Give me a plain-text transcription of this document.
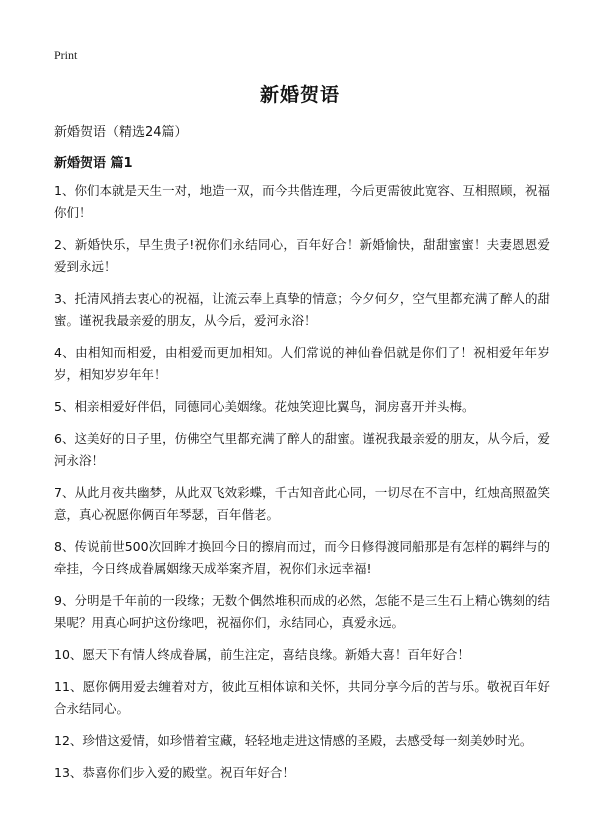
Print
新婚贺语

新婚贺语（精选24篇）

新婚贺语 篇1

1、你们本就是天生一对，地造一双，而今共偕连理，今后更需彼此宽容、互相照顾，祝福你们！

2、新婚快乐，早生贵子!祝你们永结同心，百年好合！新婚愉快，甜甜蜜蜜！夫妻恩恩爱爱到永远！

3、托清风捎去衷心的祝福，让流云奉上真挚的情意；今夕何夕，空气里都充满了醉人的甜蜜。谨祝我最亲爱的朋友，从今后，爱河永浴！

4、由相知而相爱，由相爱而更加相知。人们常说的神仙眷侣就是你们了！祝相爱年年岁岁，相知岁岁年年！

5、相亲相爱好伴侣，同德同心美姻缘。花烛笑迎比翼鸟，洞房喜开并头梅。

6、这美好的日子里，仿佛空气里都充满了醉人的甜蜜。谨祝我最亲爱的朋友，从今后，爱河永浴！

7、从此月夜共幽梦，从此双飞效彩蝶，千古知音此心同，一切尽在不言中，红烛高照盈笑意，真心祝愿你俩百年琴瑟，百年偕老。

8、传说前世500次回眸才换回今日的擦肩而过，而今日修得渡同船那是有怎样的羁绊与的牵挂，今日终成眷属姻缘天成举案齐眉，祝你们永远幸福!

9、分明是千年前的一段缘；无数个偶然堆积而成的必然，怎能不是三生石上精心镌刻的结果呢？用真心呵护这份缘吧，祝福你们，永结同心，真爱永远。

10、愿天下有情人终成眷属，前生注定，喜结良缘。新婚大喜！百年好合！

11、愿你俩用爱去缠着对方，彼此互相体谅和关怀，共同分享今后的苦与乐。敬祝百年好合永结同心。

12、珍惜这爱情，如珍惜着宝藏，轻轻地走进这情感的圣殿，去感受每一刻美妙时光。

13、恭喜你们步入爱的殿堂。祝百年好合！
